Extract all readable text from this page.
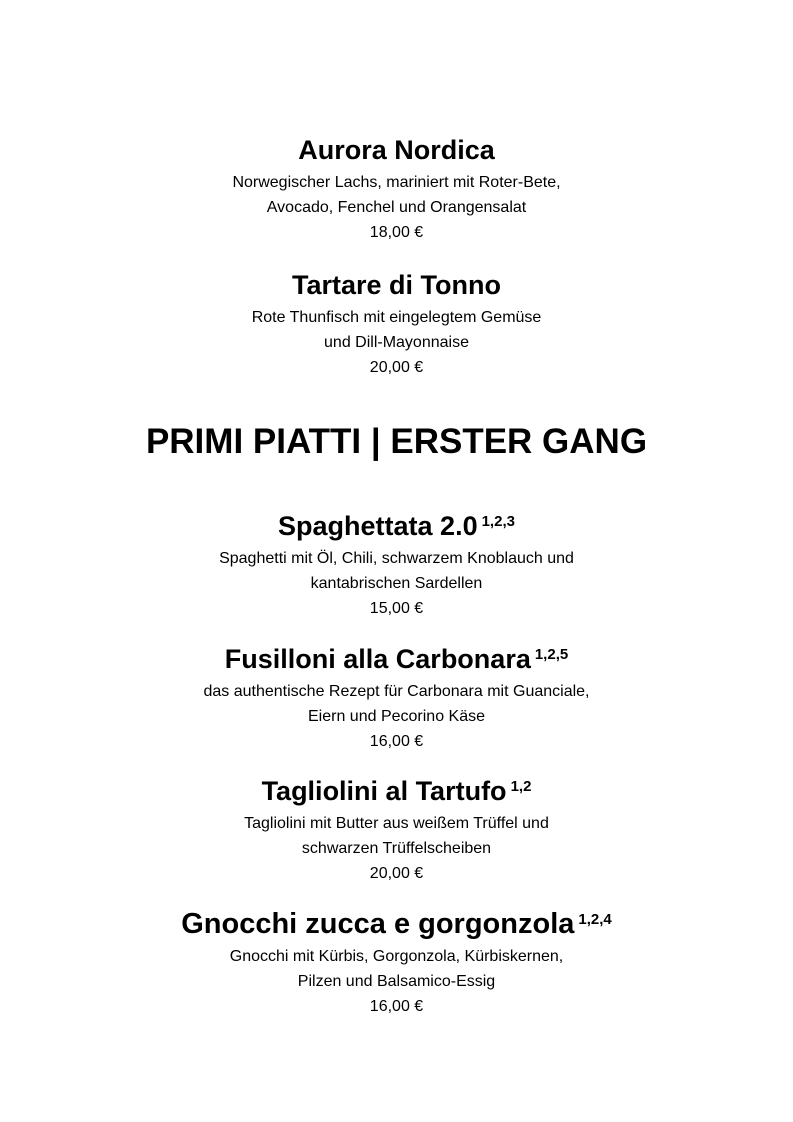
Aurora Nordica

Norwegischer Lachs, mariniert mit Roter-Bete,

Avocado, Fenchel und Orangensalat

18,00 €

Tartare di Tonno

Rote Thunfisch mit eingelegtem Gemüse

und Dill-Mayonnaise

20,00 €

PRIMI PIATTI | ERSTER GANG
Spaghettata 2.0 $^{1,2,3}$

Spaghetti mit Öl, Chili, schwarzem Knoblauch und

kantabrischen Sardellen

15,00 €

Fusilloni alla Carbonara $^{1,2,5}$

das authentische Rezept für Carbonara mit Guanciale,

Eiern und Pecorino Käse

16,00 €

Tagliolini al Tartufo $^{1,2}$

Tagliolini mit Butter aus weißem Trüffel und

schwarzen Trüffelscheiben

20,00 €

Gnocchi zucca e gorgonzola $^{1,2,4}$

Gnocchi mit Kürbis, Gorgonzola, Kürbiskernen,

Pilzen und Balsamico-Essig

16,00 €
